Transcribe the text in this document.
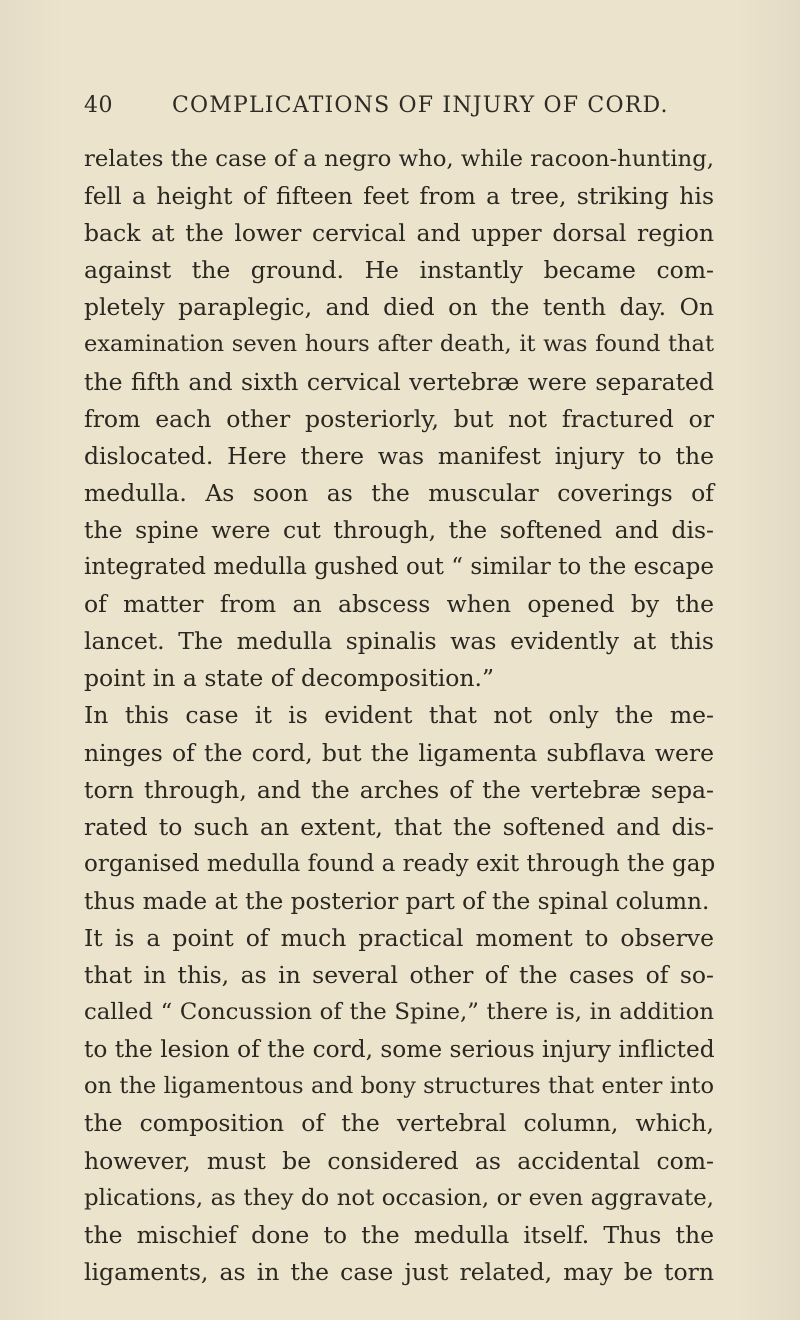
40	COMPLICATIONS OF INJURY OF CORD.
relates the case of a negro who, while racoon-hunting,
fell a height of fifteen feet from a tree, striking his
back at the lower cervical and upper dorsal region
against the ground. He instantly became com-
pletely paraplegic, and died on the tenth day. On
examination seven hours after death, it was found that
the fifth and sixth cervical vertebræ were separated
from each other posteriorly, but not fractured or
dislocated. Here there was manifest injury to the
medulla. As soon as the muscular coverings of
the spine were cut through, the softened and dis-
integrated medulla gushed out “ similar to the escape
of matter from an abscess when opened by the
lancet. The medulla spinalis was evidently at this
point in a state of decomposition.”
In this case it is evident that not only the me-
ninges of the cord, but the ligamenta subflava were
torn through, and the arches of the vertebræ sepa-
rated to such an extent, that the softened and dis-
organised medulla found a ready exit through the gap
thus made at the posterior part of the spinal column.
It is a point of much practical moment to observe
that in this, as in several other of the cases of so-
called “ Concussion of the Spine,” there is, in addition
to the lesion of the cord, some serious injury inflicted
on the ligamentous and bony structures that enter into
the composition of the vertebral column, which,
however, must be considered as accidental com-
plications, as they do not occasion, or even aggravate,
the mischief done to the medulla itself. Thus the
ligaments, as in the case just related, may be torn
